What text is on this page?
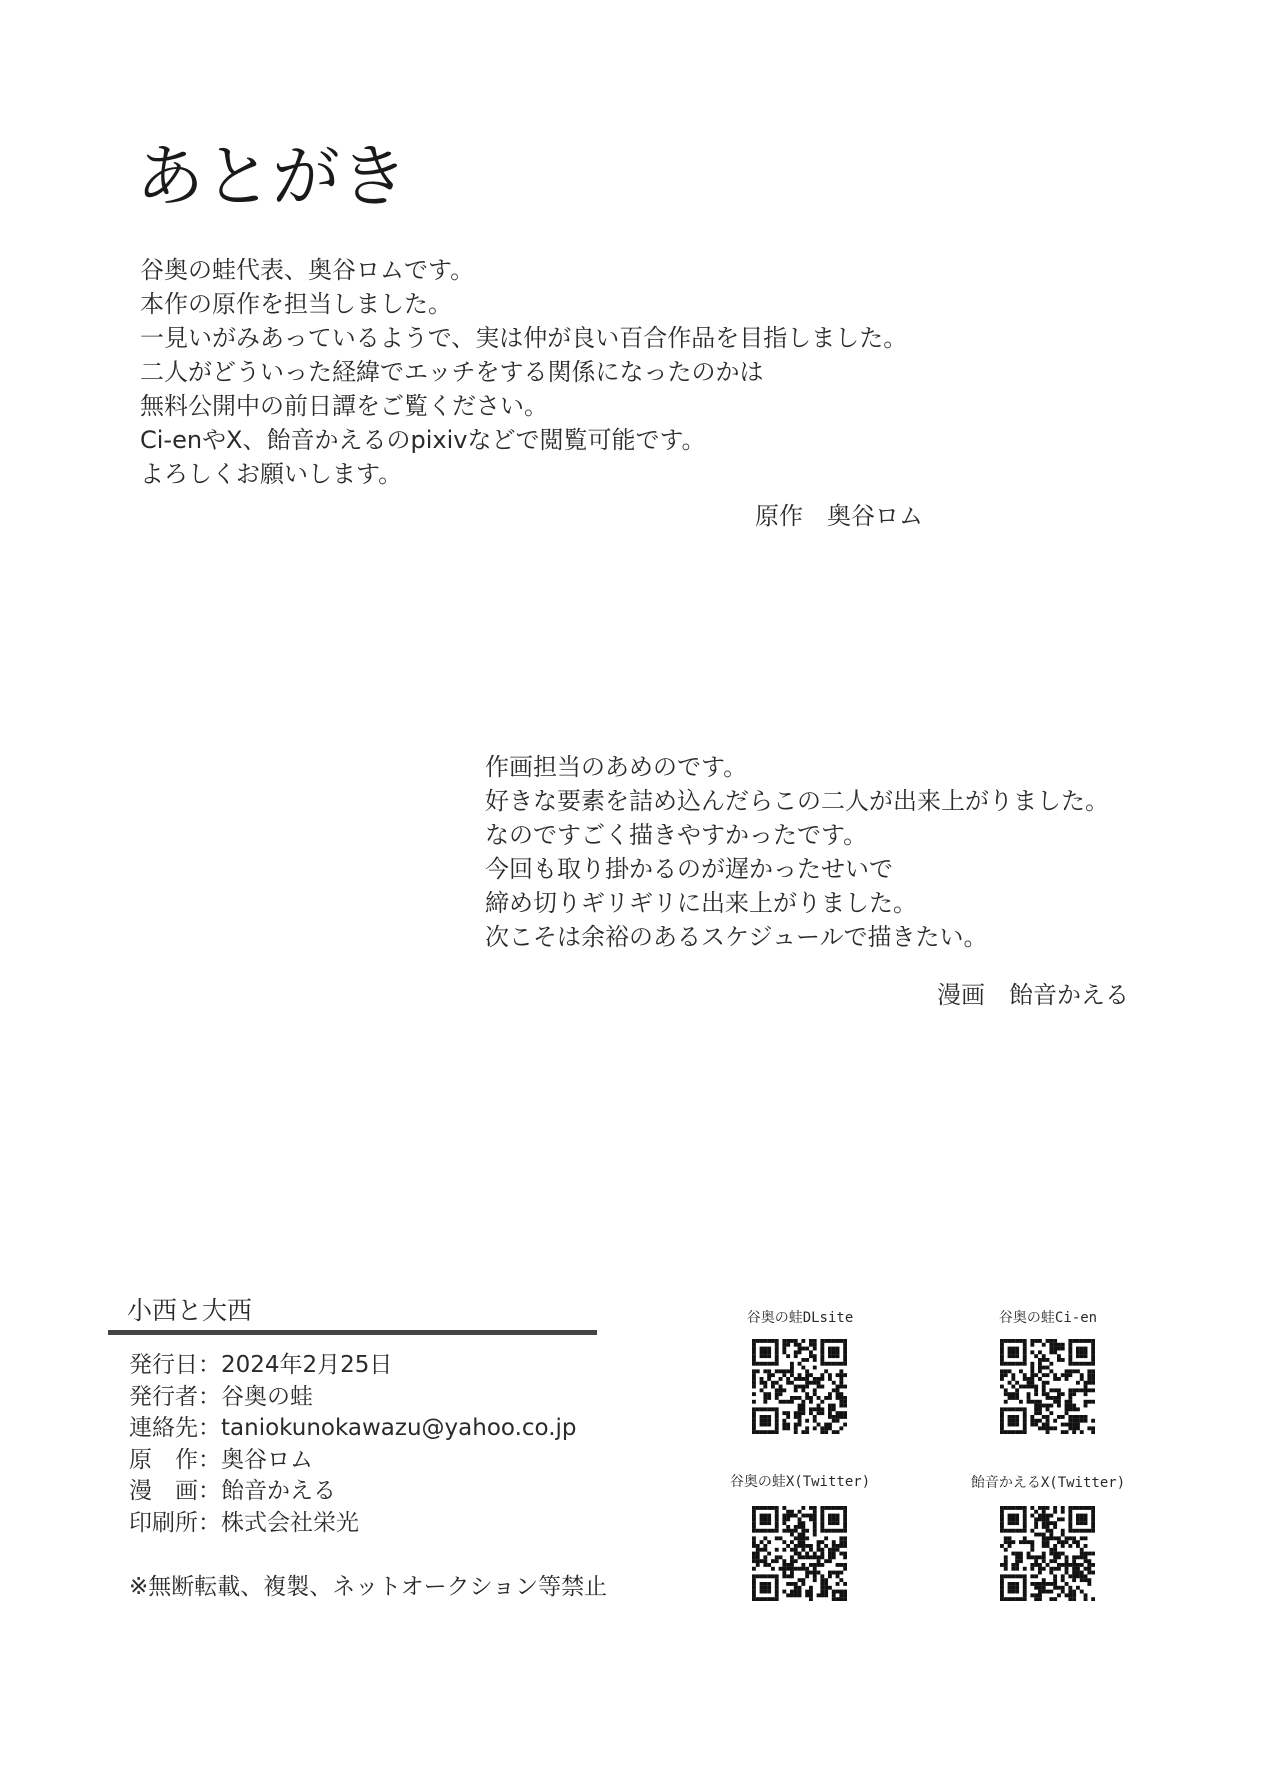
あとがき
谷奥の蛙代表、奥谷ロムです。
本作の原作を担当しました。
一見いがみあっているようで、実は仲が良い百合作品を目指しました。
二人がどういった経緯でエッチをする関係になったのかは
無料公開中の前日譚をご覧ください。
Ci-enやX、飴音かえるのpixivなどで閲覧可能です。
よろしくお願いします。
原作　奥谷ロム
作画担当のあめのです。
好きな要素を詰め込んだらこの二人が出来上がりました。
なのですごく描きやすかったです。
今回も取り掛かるのが遅かったせいで
締め切りギリギリに出来上がりました。
次こそは余裕のあるスケジュールで描きたい。
漫画　飴音かえる
小西と大西
発行日：2024年2月25日
発行者：谷奥の蛙
連絡先：taniokunokawazu@yahoo.co.jp
原　作：奥谷ロム
漫　画：飴音かえる
印刷所：株式会社栄光
※無断転載、複製、ネットオークション等禁止
谷奥の蛙DLsite	谷奥の蛙Ci-en
谷奥の蛙X(Twitter)	飴音かえるX(Twitter)
